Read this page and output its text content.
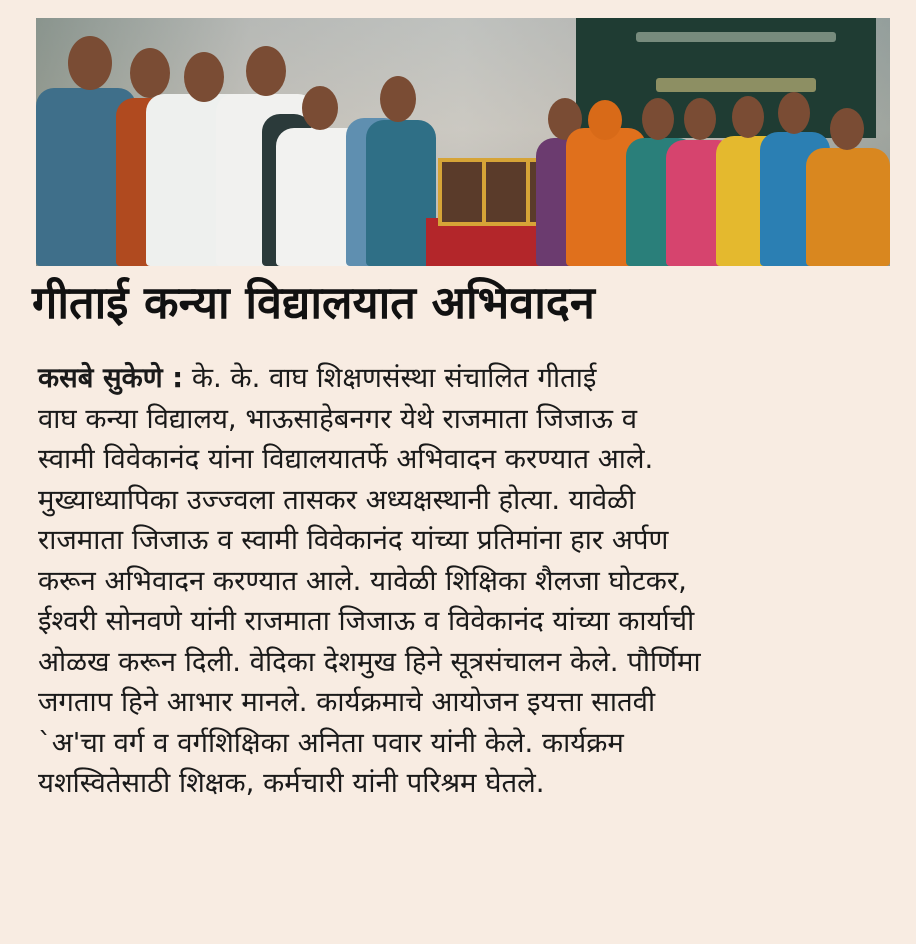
गीताई कन्या विद्यालयात अभिवादन
कसबे सुकेणे : के. के. वाघ शिक्षणसंस्था संचालित गीताई
वाघ कन्या विद्यालय, भाऊसाहेबनगर येथे राजमाता जिजाऊ व
स्वामी विवेकानंद यांना विद्यालयातर्फे अभिवादन करण्यात आले.
मुख्याध्यापिका उज्ज्वला तासकर अध्यक्षस्थानी होत्या. यावेळी
राजमाता जिजाऊ व स्वामी विवेकानंद यांच्या प्रतिमांना हार अर्पण
करून अभिवादन करण्यात आले. यावेळी शिक्षिका शैलजा घोटकर,
ईश्वरी सोनवणे यांनी राजमाता जिजाऊ व विवेकानंद यांच्या कार्याची
ओळख करून दिली. वेदिका देशमुख हिने सूत्रसंचालन केले. पौर्णिमा
जगताप हिने आभार मानले. कार्यक्रमाचे आयोजन इयत्ता सातवी
`अ'चा वर्ग व वर्गशिक्षिका अनिता पवार यांनी केले. कार्यक्रम
यशस्वितेसाठी शिक्षक, कर्मचारी यांनी परिश्रम घेतले.
